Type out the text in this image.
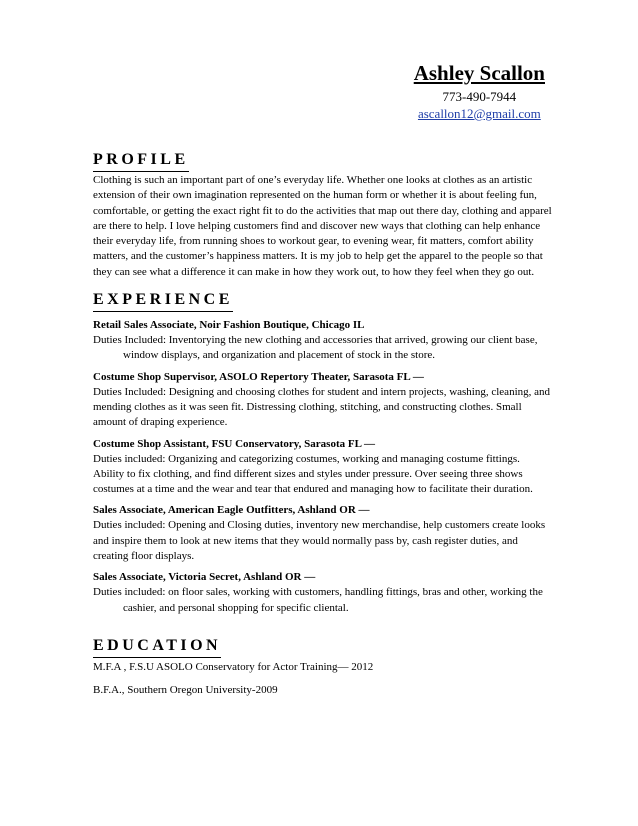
Ashley Scallon
773-490-7944
ascallon12@gmail.com
PROFILE

Clothing is such an important part of one’s everyday life. Whether one looks at clothes as an artistic extension of their own imagination represented on the human form or whether it is about feeling fun, comfortable, or getting the exact right fit to do the activities that map out there day, clothing and apparel are there to help. I love helping customers find and discover new ways that clothing can help enhance their everyday life, from running shoes to workout gear, to evening wear, fit matters, comfort ability matters, and the customer’s happiness matters. It is my job to help get the apparel to the people so that they can see what a difference it can make in how they work out, to how they feel when they go out.

EXPERIENCE
Retail Sales Associate, Noir Fashion Boutique, Chicago IL
Duties Included: Inventorying the new clothing and accessories that arrived, growing our client base, window displays, and organization and placement of stock in the store.
Costume Shop Supervisor, ASOLO Repertory Theater, Sarasota FL —
Duties Included: Designing and choosing clothes for student and intern projects, washing, cleaning, and mending clothes as it was seen fit. Distressing clothing, stitching, and constructing clothes. Small amount of draping experience.
Costume Shop Assistant, FSU Conservatory, Sarasota FL —
Duties included: Organizing and categorizing costumes, working and managing costume fittings. Ability to fix clothing, and find different sizes and styles under pressure. Over seeing three shows costumes at a time and the wear and tear that endured and managing how to facilitate their duration.
Sales Associate, American Eagle Outfitters, Ashland OR —
Duties included: Opening and Closing duties, inventory new merchandise, help customers create looks and inspire them to look at new items that they would normally pass by, cash register duties, and creating floor displays.
Sales Associate, Victoria Secret, Ashland OR —
Duties included: on floor sales, working with customers, handling fittings, bras and other, working the cashier, and personal shopping for specific cliental.
EDUCATION
M.F.A , F.S.U ASOLO Conservatory for Actor Training— 2012
B.F.A., Southern Oregon University-2009
